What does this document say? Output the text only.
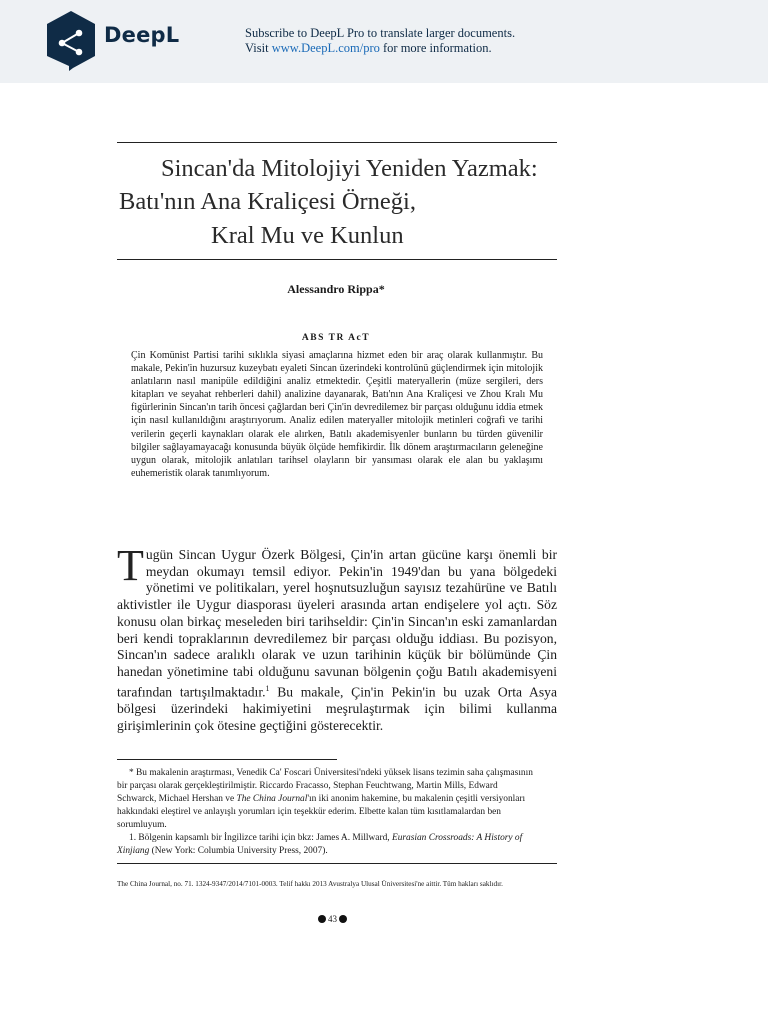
DeepL	Subscribe to DeepL Pro to translate larger documents.
Visit www.DeepL.com/pro for more information.
Sincan'da Mitolojiyi Yeniden Yazmak:
Batı'nın Ana Kraliçesi Örneği,
Kral Mu ve Kunlun
Alessandro Rippa*
ABS TR AcT
Çin Komünist Partisi tarihi sıklıkla siyasi amaçlarına hizmet eden bir araç olarak kullanmıştır. Bu makale, Pekin'in huzursuz kuzeybatı eyaleti Sincan üzerindeki kontrolünü güçlendirmek için mitolojik anlatıların nasıl manipüle edildiğini analiz etmektedir. Çeşitli materyallerin (müze sergileri, ders kitapları ve seyahat rehberleri dahil) analizine dayanarak, Batı'nın Ana Kraliçesi ve Zhou Kralı Mu figürlerinin Sincan'ın tarih öncesi çağlardan beri Çin'in devredilemez bir parçası olduğunu iddia etmek için nasıl kullanıldığını araştırıyorum. Analiz edilen materyaller mitolojik metinleri coğrafi ve tarihi verilerin geçerli kaynakları olarak ele alırken, Batılı akademisyenler bunların bu türden güvenilir bilgiler sağlayamayacağı konusunda büyük ölçüde hemfikirdir. İlk dönem araştırmacıların geleneğine uygun olarak, mitolojik anlatıları tarihsel olayların bir yansıması olarak ele alan bu yaklaşımı euhemeristik olarak tanımlıyorum.
Tugün Sincan Uygur Özerk Bölgesi, Çin'in artan gücüne karşı önemli bir meydan okumayı temsil ediyor. Pekin'in 1949'dan bu yana bölgedeki yönetimi ve politikaları, yerel hoşnutsuzluğun sayısız tezahürüne ve Batılı aktivistler ile Uygur diasporası üyeleri arasında artan endişelere yol açtı. Söz konusu olan birkaç meseleden biri tarihseldir: Çin'in Sincan'ın eski zamanlardan beri kendi topraklarının devredilemez bir parçası olduğu iddiası. Bu pozisyon, Sincan'ın sadece aralıklı olarak ve uzun tarihinin küçük bir bölümünde Çin hanedan yönetimine tabi olduğunu savunan bölgenin çoğu Batılı akademisyeni tarafından tartışılmaktadır.$^1$ Bu makale, Çin'in Pekin'in bu uzak Orta Asya bölgesi üzerindeki hakimiyetini meşrulaştırmak için bilimi kullanma girişimlerinin çok ötesine geçtiğini gösterecektir.

* Bu makalenin araştırması, Venedik Ca' Foscari Üniversitesi'ndeki yüksek lisans tezimin saha çalışmasının bir parçası olarak gerçekleştirilmiştir. Riccardo Fracasso, Stephan Feuchtwang, Martin Mills, Edward Schwarck, Michael Hershan ve The China Journal'ın iki anonim hakemine, bu makalenin çeşitli versiyonları hakkındaki eleştirel ve anlayışlı yorumları için teşekkür ederim. Elbette kalan tüm kısıtlamalardan ben sorumluyum.

1. Bölgenin kapsamlı bir İngilizce tarihi için bkz: James A. Millward, Eurasian Crossroads: A History of Xinjiang (New York: Columbia University Press, 2007).

The China Journal, no. 71. 1324-9347/2014/7101-0003. Telif hakkı 2013 Avustralya Ulusal Üniversitesi'ne aittir. Tüm hakları saklıdır.
43
